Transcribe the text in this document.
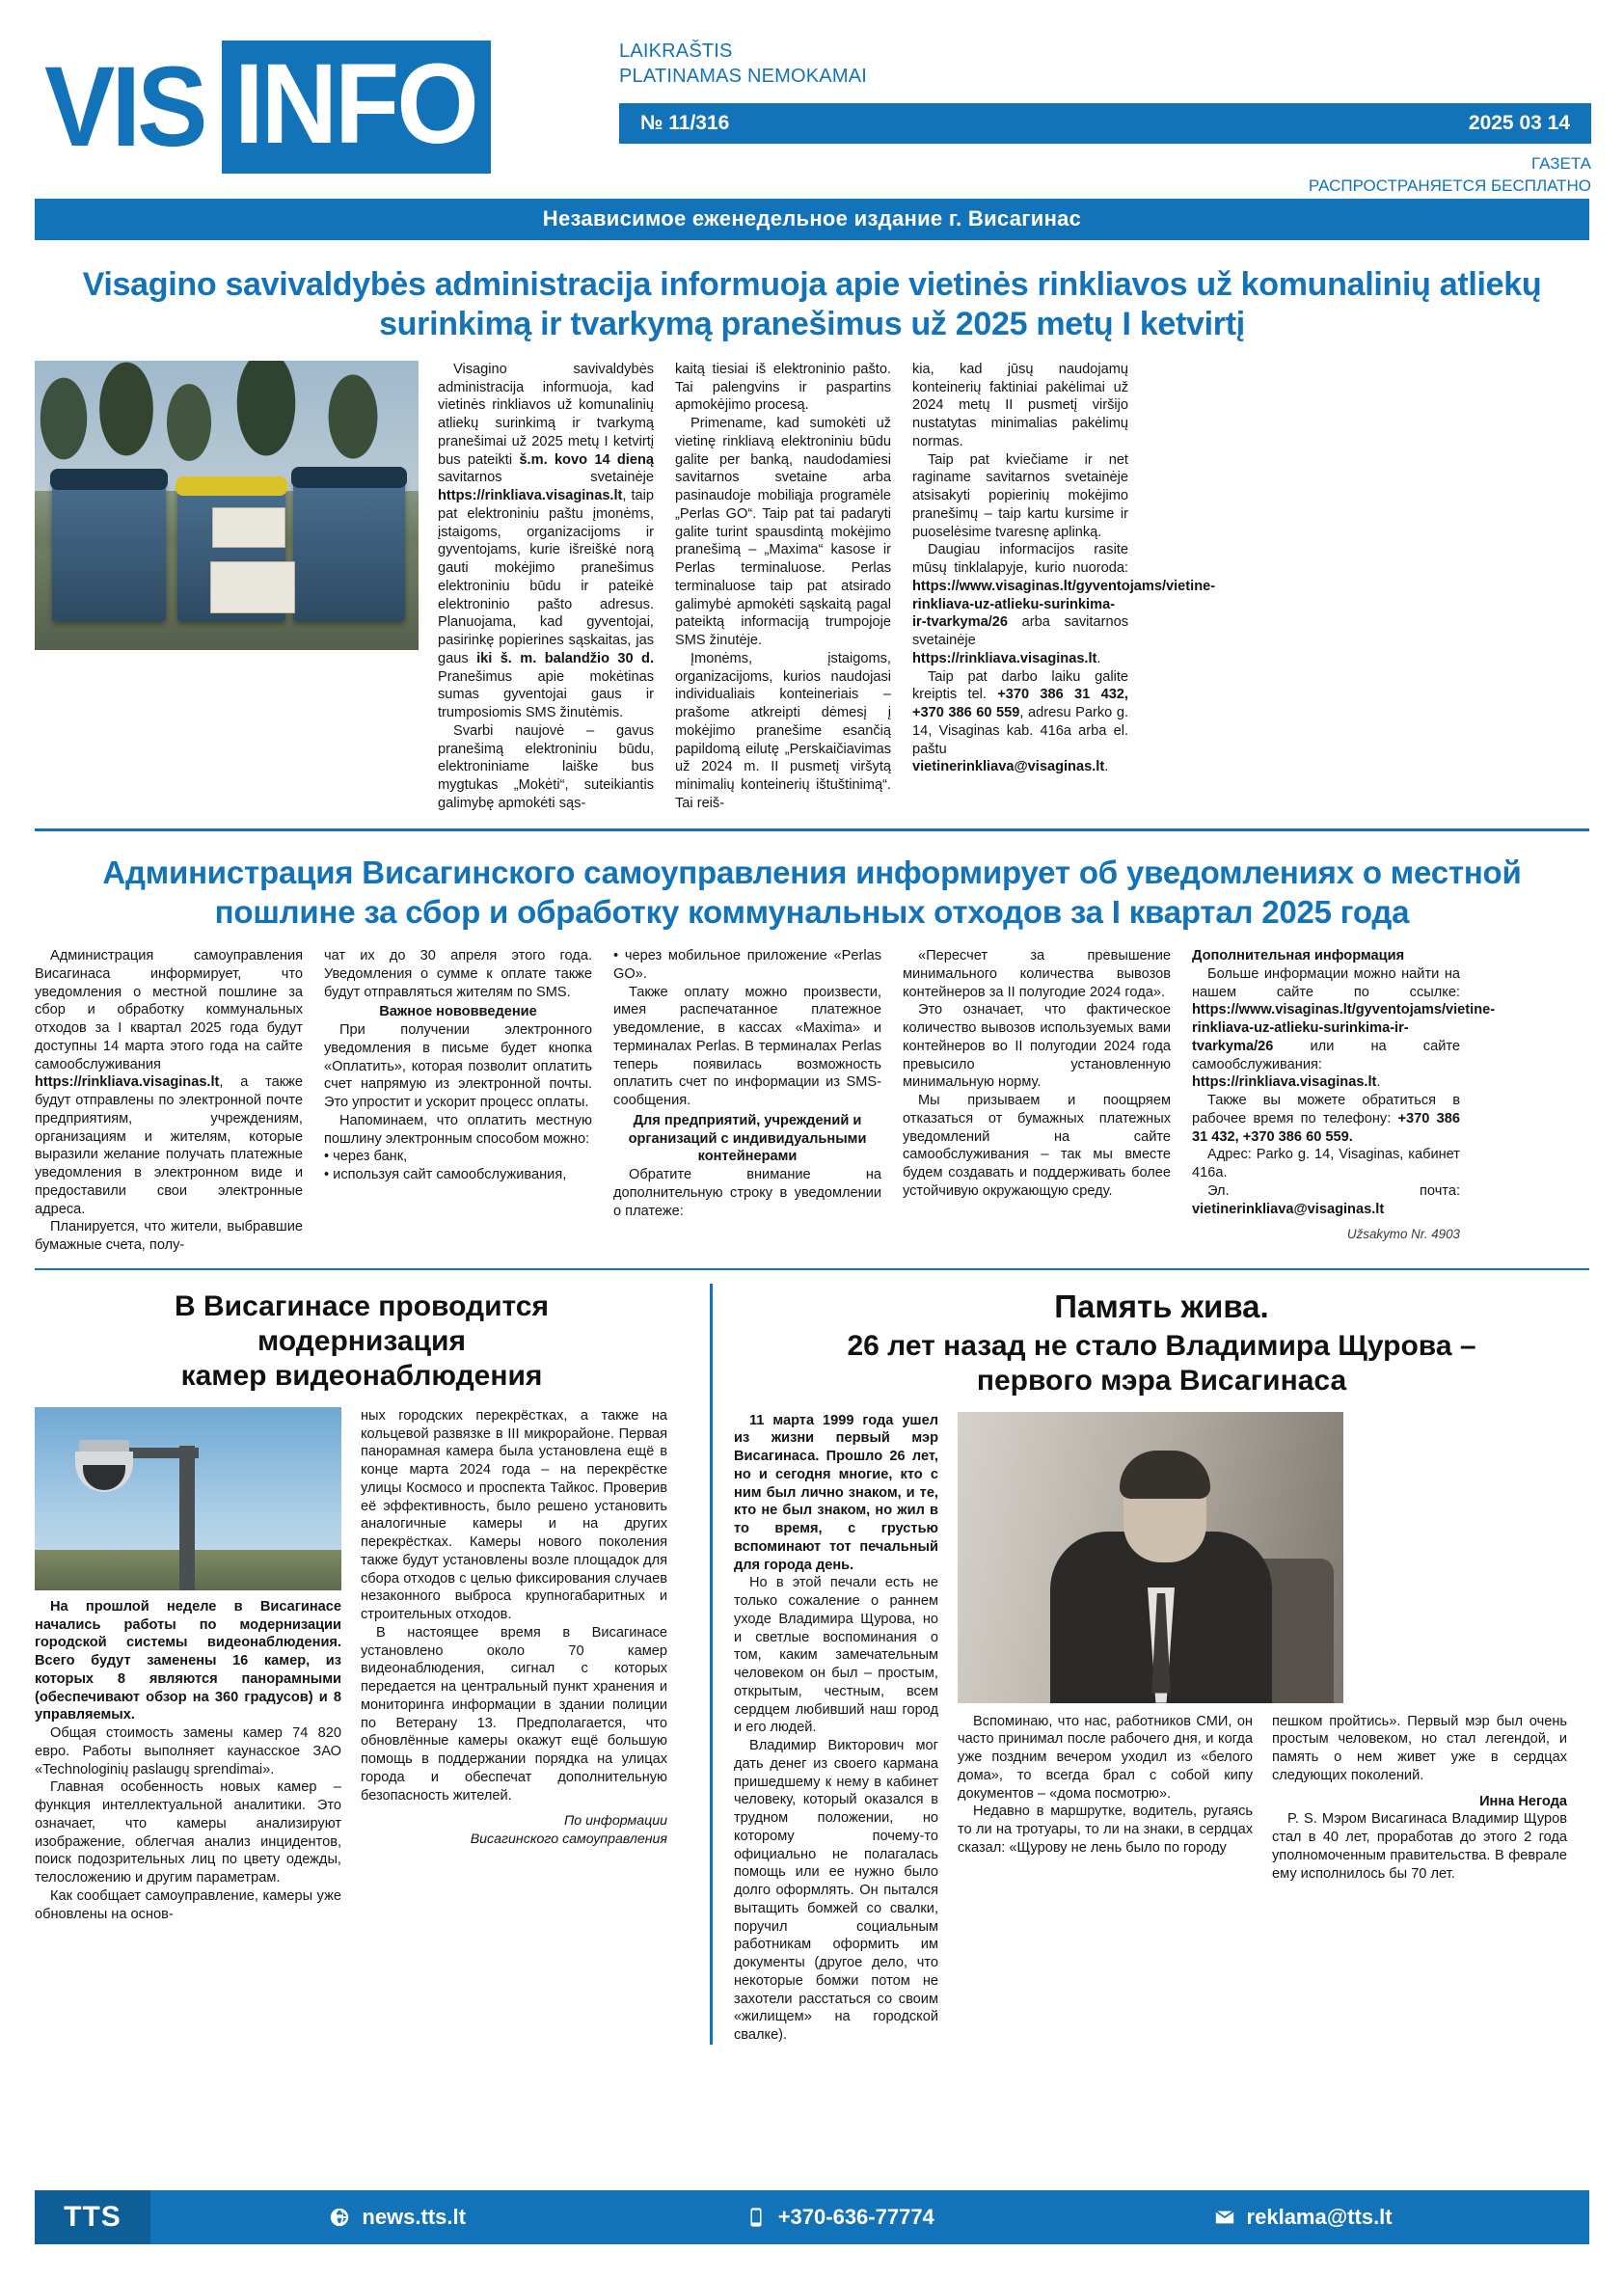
VIS INFO	LAIKRAŠTIS
PLATINAMAS NEMOKAMAI
№ 11/316	2025 03 14
ГАЗЕТА
РАСПРОСТРАНЯЕТСЯ БЕСПЛАТНО
Независимое еженедельное издание г. Висагинас
Visagino savivaldybės administracija informuoja apie vietinės rinkliavos už komunalinių atliekų surinkimą ir tvarkymą pranešimus už 2025 metų I ketvirtį

Visagino savivaldybės administracija informuoja, kad vietinės rinkliavos už komunalinių atliekų surinkimą ir tvarkymą pranešimai už 2025 metų I ketvirtį bus pateikti š.m. kovo 14 dieną savitarnos svetainėje https://rinkliava.visaginas.lt, taip pat elektroniniu paštu įmonėms, įstaigoms, organizacijoms ir gyventojams, kurie išreiškė norą gauti mokėjimo pranešimus elektroniniu būdu ir pateikė elektroninio pašto adresus. Planuojama, kad gyventojai, pasirinkę popierines sąskaitas, jas gaus iki š. m. balandžio 30 d. Pranešimus apie mokėtinas sumas gyventojai gaus ir trumposiomis SMS žinutėmis.

Svarbi naujovė – gavus pranešimą elektroniniu būdu, elektroniniame laiške bus mygtukas „Mokėti“, suteikiantis galimybę apmokėti sąs-

kaitą tiesiai iš elektroninio pašto. Tai palengvins ir paspartins apmokėjimo procesą.

Primename, kad sumokėti už vietinę rinkliavą elektroniniu būdu galite per banką, naudodamiesi savitarnos svetaine arba pasinaudoje mobiliąja programėle „Perlas GO“. Taip pat tai padaryti galite turint spausdintą mokėjimo pranešimą – „Maxima“ kasose ir Perlas terminaluose. Perlas terminaluose taip pat atsirado galimybė apmokėti sąskaitą pagal pateiktą informaciją trumpojoje SMS žinutėje.

Įmonėms, įstaigoms, organizacijoms, kurios naudojasi individualiais konteineriais – prašome atkreipti dėmesį į mokėjimo pranešime esančią papildomą eilutę „Perskaičiavimas už 2024 m. II pusmetį viršytą minimalių konteinerių ištuštinimą“. Tai reiš-

kia, kad jūsų naudojamų konteinerių faktiniai pakėlimai už 2024 metų II pusmetį viršijo nustatytas minimalias pakėlimų normas.

Taip pat kviečiame ir net raginame savitarnos svetainėje atsisakyti popierinių mokėjimo pranešimų – taip kartu kursime ir puoselėsime tvaresnę aplinką.

Daugiau informacijos rasite mūsų tinklalapyje, kurio nuoroda: https://www.visaginas.lt/gyventojams/vietine-rinkliava-uz-atlieku-surinkima-ir-tvarkyma/26 arba savitarnos svetainėje https://rinkliava.visaginas.lt.

Taip pat darbo laiku galite kreiptis tel. +370 386 31 432, +370 386 60 559, adresu Parko g. 14, Visaginas kab. 416a arba el. paštu vietinerinkliava@visaginas.lt.

Администрация Висагинского самоуправления информирует об уведомлениях о местной пошлине за сбор и обработку коммунальных отходов за I квартал 2025 года

Администрация самоуправления Висагинаса информирует, что уведомления о местной пошлине за сбор и обработку коммунальных отходов за I квартал 2025 года будут доступны 14 марта этого года на сайте самообслуживания https://rinkliava.visaginas.lt, а также будут отправлены по электронной почте предприятиям, учреждениям, организациям и жителям, которые выразили желание получать платежные уведомления в электронном виде и предоставили свои электронные адреса.

Планируется, что жители, выбравшие бумажные счета, полу-

чат их до 30 апреля этого года. Уведомления о сумме к оплате также будут отправляться жителям по SMS.

Важное нововведение

При получении электронного уведомления в письме будет кнопка «Оплатить», которая позволит оплатить счет напрямую из электронной почты. Это упростит и ускорит процесс оплаты.

Напоминаем, что оплатить местную пошлину электронным способом можно:

• через банк,

• используя сайт самообслуживания,

• через мобильное приложение «Perlas GO».

Также оплату можно произвести, имея распечатанное платежное уведомление, в кассах «Maxima» и терминалах Perlas. В терминалах Perlas теперь появилась возможность оплатить счет по информации из SMS-сообщения.

Для предприятий, учреждений и организаций с индивидуальными контейнерами

Обратите внимание на дополнительную строку в уведомлении о платеже:

«Пересчет за превышение минимального количества вывозов контейнеров за II полугодие 2024 года».

Это означает, что фактическое количество вывозов используемых вами контейнеров во II полугодии 2024 года превысило установленную минимальную норму.

Мы призываем и поощряем отказаться от бумажных платежных уведомлений на сайте самообслуживания – так мы вместе будем создавать и поддерживать более устойчивую окружающую среду.

Дополнительная информация

Больше информации можно найти на нашем сайте по ссылке: https://www.visaginas.lt/gyventojams/vietine-rinkliava-uz-atlieku-surinkima-ir-tvarkyma/26 или на сайте самообслуживания: https://rinkliava.visaginas.lt.

Также вы можете обратиться в рабочее время по телефону: +370 386 31 432, +370 386 60 559.

Адрес: Parko g. 14, Visaginas, кабинет 416а.

Эл. почта: vietinerinkliava@visaginas.lt

Užsakymo Nr. 4903
В Висагинасе проводится
модернизация
камер видеонаблюдения

На прошлой неделе в Висагинасе начались работы по модернизации городской системы видеонаблюдения. Всего будут заменены 16 камер, из которых 8 являются панорамными (обеспечивают обзор на 360 градусов) и 8 управляемых.

Общая стоимость замены камер 74 820 евро. Работы выполняет каунасское ЗАО «Technologinių paslaugų sprendimai».

Главная особенность новых камер – функция интеллектуальной аналитики. Это означает, что камеры анализируют изображение, облегчая анализ инцидентов, поиск подозрительных лиц по цвету одежды, телосложению и другим параметрам.

Как сообщает самоуправление, камеры уже обновлены на основ-

ных городских перекрёстках, а также на кольцевой развязке в III микрорайоне. Первая панорамная камера была установлена ещё в конце марта 2024 года – на перекрёстке улицы Космосо и проспекта Тайкос. Проверив её эффективность, было решено установить аналогичные камеры и на других перекрёстках. Камеры нового поколения также будут установлены возле площадок для сбора отходов с целью фиксирования случаев незаконного выброса крупногабаритных и строительных отходов.

В настоящее время в Висагинасе установлено около 70 камер видеонаблюдения, сигнал с которых передается на центральный пункт хранения и мониторинга информации в здании полиции по Ветерану 13. Предполагается, что обновлённые камеры окажут ещё большую помощь в поддержании порядка на улицах города и обеспечат дополнительную безопасность жителей.

По информации
Висагинского самоуправления
Память жива.
26 лет назад не стало Владимира Щурова –
первого мэра Висагинаса

11 марта 1999 года ушел из жизни первый мэр Висагинаса. Прошло 26 лет, но и сегодня многие, кто с ним был лично знаком, и те, кто не был знаком, но жил в то время, с грустью вспоминают тот печальный для города день.

Но в этой печали есть не только сожаление о раннем уходе Владимира Щурова, но и светлые воспоминания о том, каким замечательным человеком он был – простым, открытым, честным, всем сердцем любивший наш город и его людей.

Владимир Викторович мог дать денег из своего кармана пришедшему к нему в кабинет человеку, который оказался в трудном положении, но которому почему-то официально не полагалась помощь или ее нужно было долго оформлять. Он пытался вытащить бомжей со свалки, поручил социальным работникам оформить им документы (другое дело, что некоторые бомжи потом не захотели расстаться со своим «жилищем» на городской свалке).

Вспоминаю, что нас, работников СМИ, он часто принимал после рабочего дня, и когда уже поздним вечером уходил из «белого дома», то всегда брал с собой кипу документов – «дома посмотрю».

Недавно в маршрутке, водитель, ругаясь то ли на тротуары, то ли на знаки, в сердцах сказал: «Щурову не лень было по городу

пешком пройтись». Первый мэр был очень простым человеком, но стал легендой, и память о нем живет уже в сердцах следующих поколений.

Инна Негода

P. S. Мэром Висагинаса Владимир Щуров стал в 40 лет, проработав до этого 2 года уполномоченным правительства. В феврале ему исполнилось бы 70 лет.

TTS	news.tts.lt	+370-636-77774	reklama@tts.lt
